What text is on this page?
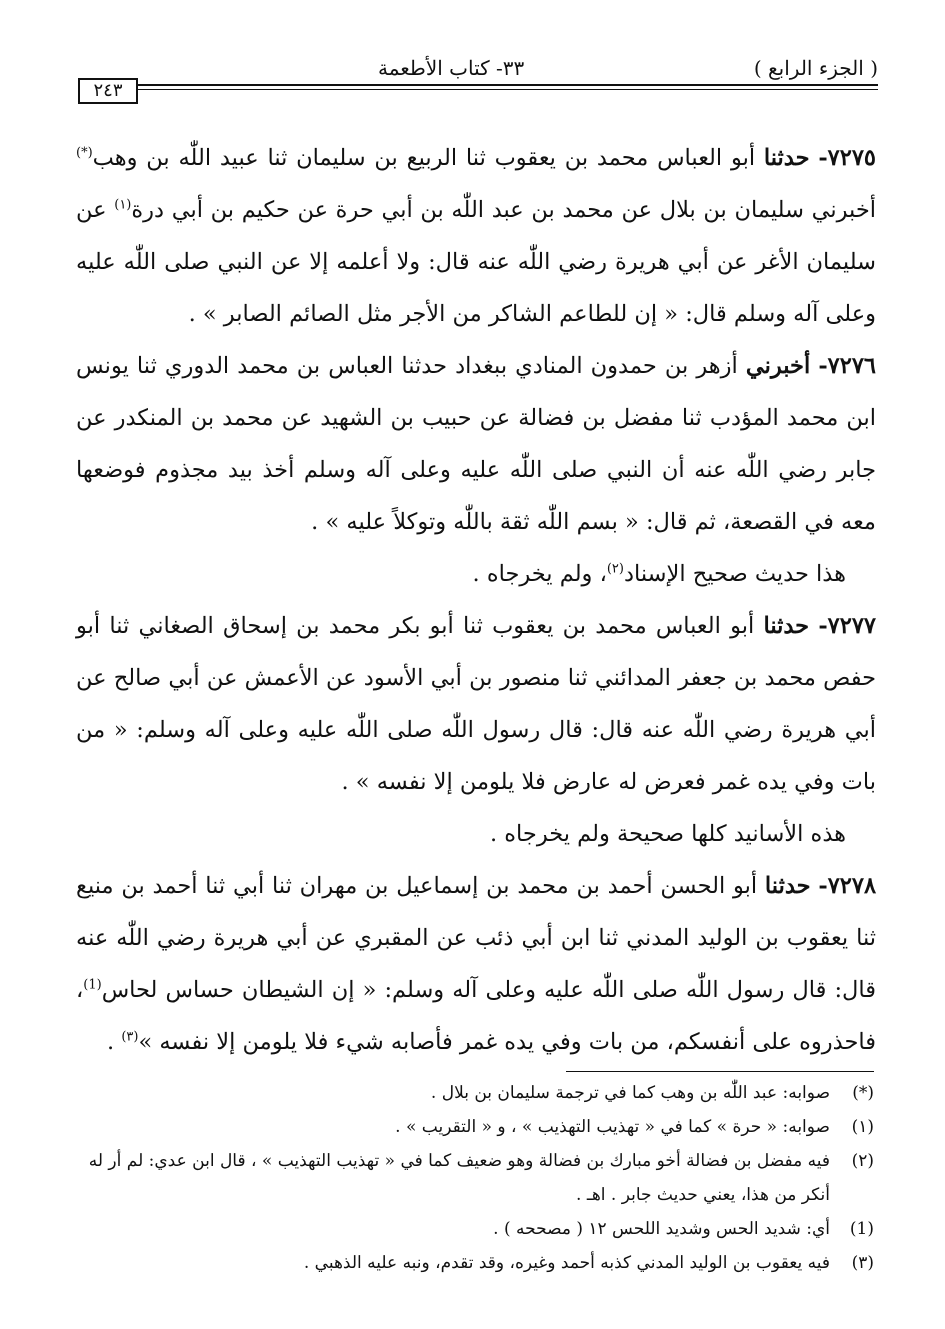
( الجزء الرابع )
٣٣- كتاب الأطعمة
٢٤٣

٧٢٧٥- حدثنا أبو العباس محمد بن يعقوب ثنا الربيع بن سليمان ثنا عبيد اللّٰه بن وهب(*) أخبرني سليمان بن بلال عن محمد بن عبد اللّٰه بن أبي حرة عن حكيم بن أبي درة$^{(١)}$ عن سليمان الأغر عن أبي هريرة رضي اللّٰه عنه قال: ولا أعلمه إلا عن النبي صلى اللّٰه عليه وعلى آله وسلم قال: « إن للطاعم الشاكر من الأجر مثل الصائم الصابر » .

٧٢٧٦- أخبرني أزهر بن حمدون المنادي ببغداد حدثنا العباس بن محمد الدوري ثنا يونس ابن محمد المؤدب ثنا مفضل بن فضالة عن حبيب بن الشهيد عن محمد بن المنكدر عن جابر رضي اللّٰه عنه أن النبي صلى اللّٰه عليه وعلى آله وسلم أخذ بيد مجذوم فوضعها معه في القصعة، ثم قال: « بسم اللّٰه ثقة باللّٰه وتوكلاً عليه » .

هذا حديث صحيح الإسناد$^{(٢)}$، ولم يخرجاه .

٧٢٧٧- حدثنا أبو العباس محمد بن يعقوب ثنا أبو بكر محمد بن إسحاق الصغاني ثنا أبو حفص محمد بن جعفر المدائني ثنا منصور بن أبي الأسود عن الأعمش عن أبي صالح عن أبي هريرة رضي اللّٰه عنه قال: قال رسول اللّٰه صلى اللّٰه عليه وعلى آله وسلم: « من بات وفي يده غمر فعرض له عارض فلا يلومن إلا نفسه » .

هذه الأسانيد كلها صحيحة ولم يخرجاه .

٧٢٧٨- حدثنا أبو الحسن أحمد بن محمد بن إسماعيل بن مهران ثنا أبي ثنا أحمد بن منيع ثنا يعقوب بن الوليد المدني ثنا ابن أبي ذئب عن المقبري عن أبي هريرة رضي اللّٰه عنه قال: قال رسول اللّٰه صلى اللّٰه عليه وعلى آله وسلم: « إن الشيطان حساس لحاس$^{(1)}$، فاحذروه على أنفسكم، من بات وفي يده غمر فأصابه شيء فلا يلومن إلا نفسه »$^{(٣)}$ .

(*)صوابه: عبد اللّٰه بن وهب كما في ترجمة سليمان بن بلال .

(١)صوابه: « حرة » كما في « تهذيب التهذيب » ، و « التقريب » .

(٢)فيه مفضل بن فضالة أخو مبارك بن فضالة وهو ضعيف كما في « تهذيب التهذيب » ، قال ابن عدي: لم أر له أنكر من هذا، يعني حديث جابر . اهـ .

(1)أي: شديد الحس وشديد اللحس ١٢ ( مصححه ) .

(٣)فيه يعقوب بن الوليد المدني كذبه أحمد وغيره، وقد تقدم، ونبه عليه الذهبي .
